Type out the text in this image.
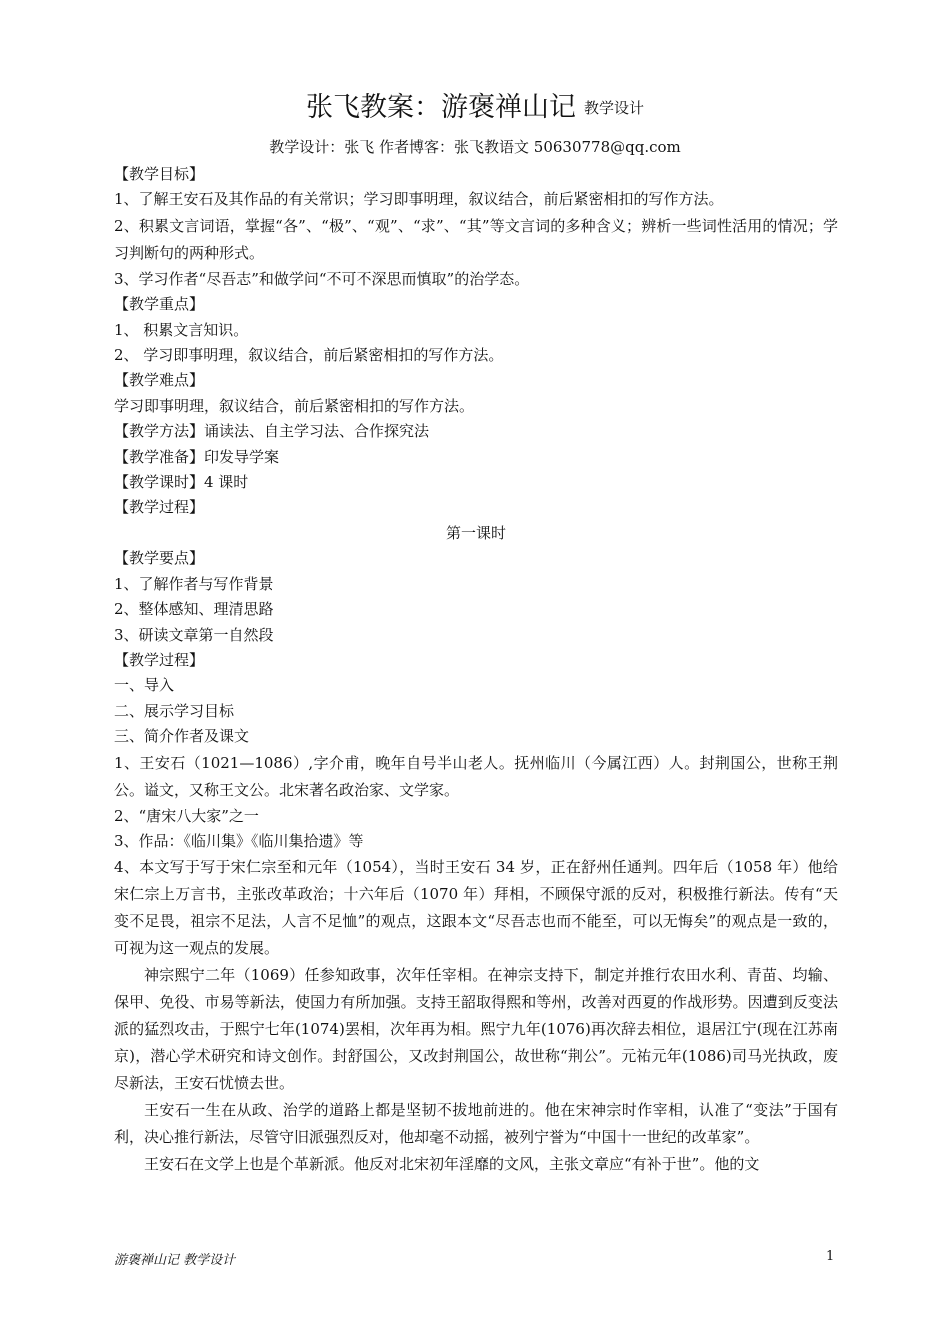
张飞教案：游褒禅山记 $^{教学设计}$
教学设计：张飞 作者博客：张飞教语文 50630778@qq.com

【教学目标】

1、了解王安石及其作品的有关常识；学习即事明理，叙议结合，前后紧密相扣的写作方法。

2、积累文言词语，掌握“各”、“极”、“观”、“求”、“其”等文言词的多种含义；辨析一些词性活用的情况；学习判断句的两种形式。

3、学习作者“尽吾志”和做学问“不可不深思而慎取”的治学态。

【教学重点】

1、 积累文言知识。

2、 学习即事明理，叙议结合，前后紧密相扣的写作方法。

【教学难点】

学习即事明理，叙议结合，前后紧密相扣的写作方法。

【教学方法】诵读法、自主学习法、合作探究法

【教学准备】印发导学案

【教学课时】4 课时

【教学过程】

第一课时

【教学要点】

1、了解作者与写作背景

2、整体感知、理清思路

3、研读文章第一自然段

【教学过程】

一、导入

二、展示学习目标

三、简介作者及课文

1、王安石（1021—1086）,字介甫，晚年自号半山老人。抚州临川（今属江西）人。封荆国公，世称王荆公。谥文，又称王文公。北宋著名政治家、文学家。

2、“唐宋八大家”之一

3、作品：《临川集》《临川集拾遗》等

4、本文写于写于宋仁宗至和元年（1054），当时王安石 34 岁，正在舒州任通判。四年后（1058 年）他给宋仁宗上万言书，主张改革政治；十六年后（1070 年）拜相，不顾保守派的反对，积极推行新法。传有“天变不足畏，祖宗不足法，人言不足恤”的观点，这跟本文“尽吾志也而不能至，可以无悔矣”的观点是一致的，可视为这一观点的发展。

神宗熙宁二年（1069）任参知政事，次年任宰相。在神宗支持下，制定并推行农田水利、青苗、均输、保甲、免役、市易等新法，使国力有所加强。支持王韶取得熙和等州，改善对西夏的作战形势。因遭到反变法派的猛烈攻击，于熙宁七年(1074)罢相，次年再为相。熙宁九年(1076)再次辞去相位，退居江宁(现在江苏南京)，潜心学术研究和诗文创作。封舒国公，又改封荆国公，故世称“荆公”。元祐元年(1086)司马光执政，废尽新法，王安石忧愤去世。

王安石一生在从政、治学的道路上都是坚韧不拔地前进的。他在宋神宗时作宰相，认准了“变法”于国有利，决心推行新法，尽管守旧派强烈反对，他却毫不动摇，被列宁誉为“中国十一世纪的改革家”。

王安石在文学上也是个革新派。他反对北宋初年淫靡的文风，主张文章应“有补于世”。他的文

游褒禅山记 教学设计	1
